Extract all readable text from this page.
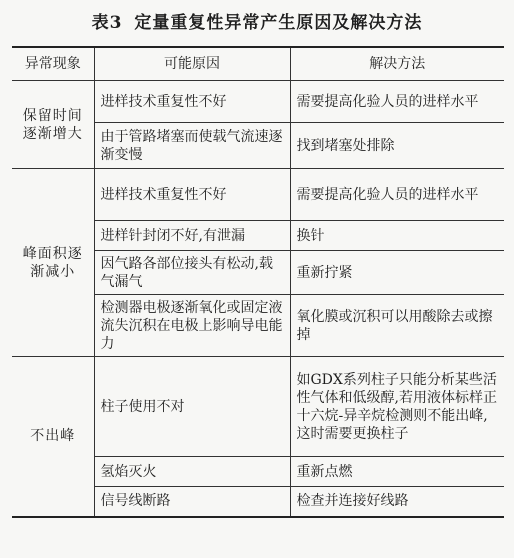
表3 定量重复性异常产生原因及解决方法
异常现象	可能原因	解决方法
保留时间逐渐增大	进样技术重复性不好	需要提高化验人员的进样水平
	由于管路堵塞而使载气流速逐渐变慢	找到堵塞处排除
峰面积逐渐减小	进样技术重复性不好	需要提高化验人员的进样水平
	进样针封闭不好,有泄漏	换针
	因气路各部位接头有松动,载气漏气	重新拧紧
	检测器电极逐渐氧化或固定液流失沉积在电极上影响导电能力	氧化膜或沉积可以用酸除去或擦掉
不出峰	柱子使用不对	如GDX系列柱子只能分析某些活性气体和低级醇,若用液体标样正十六烷-异辛烷检测则不能出峰,这时需要更换柱子
	氢焰灭火	重新点燃
	信号线断路	检查并连接好线路
